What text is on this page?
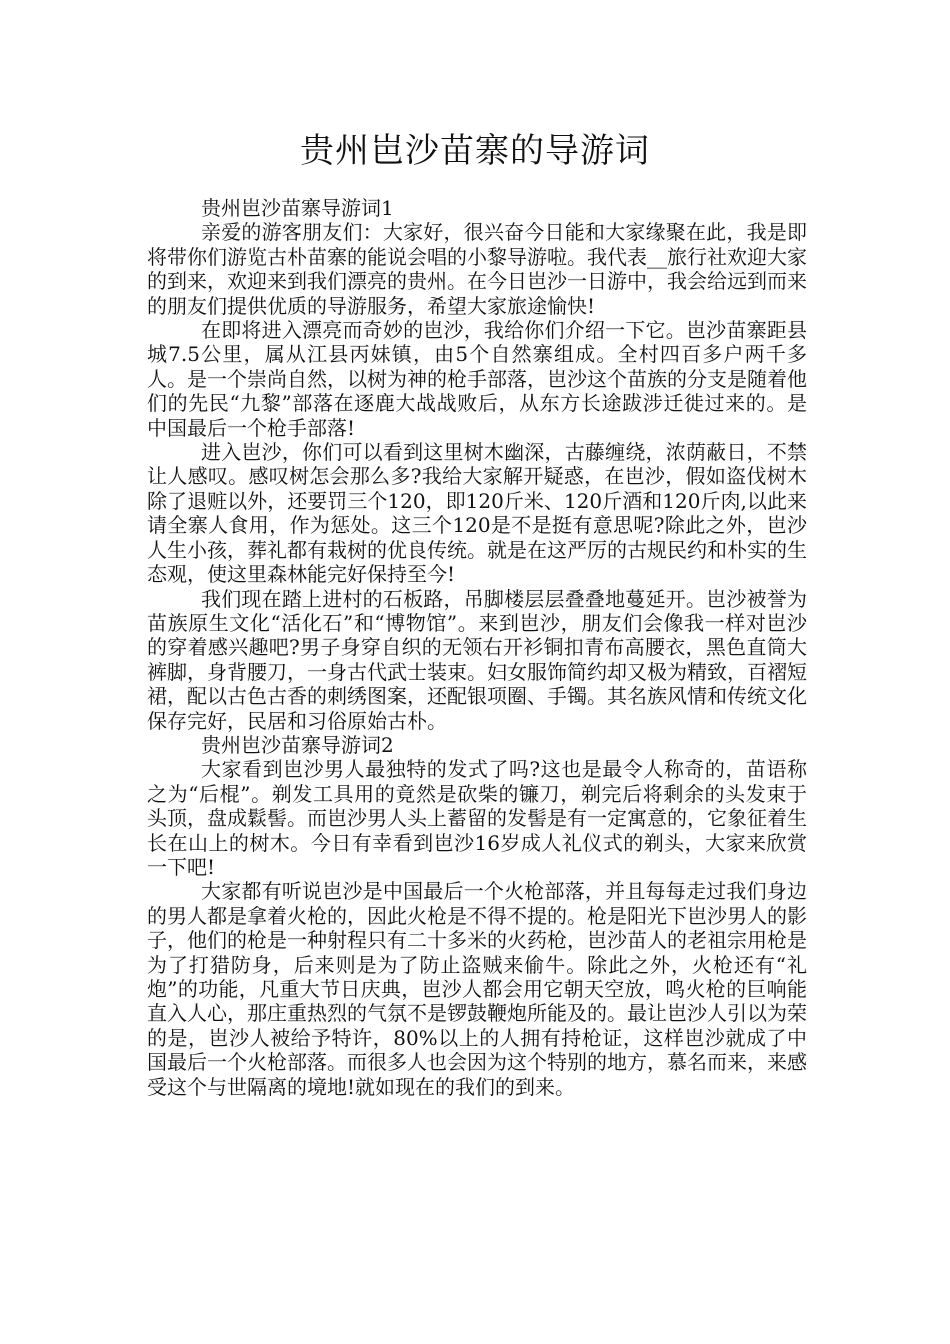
贵州岜沙苗寨的导游词

贵州岜沙苗寨导游词1

亲爱的游客朋友们：大家好，很兴奋今日能和大家缘聚在此，我是即将带你们游览古朴苗寨的能说会唱的小黎导游啦。我代表__旅行社欢迎大家的到来，欢迎来到我们漂亮的贵州。在今日岜沙一日游中，我会给远到而来的朋友们提供优质的导游服务，希望大家旅途愉快!

在即将进入漂亮而奇妙的岜沙，我给你们介绍一下它。岜沙苗寨距县城7.5公里，属从江县丙妹镇，由5个自然寨组成。全村四百多户两千多人。是一个崇尚自然，以树为神的枪手部落，岜沙这个苗族的分支是随着他们的先民“九黎”部落在逐鹿大战战败后，从东方长途跋涉迁徙过来的。是中国最后一个枪手部落!

进入岜沙，你们可以看到这里树木幽深，古藤缠绕，浓荫蔽日，不禁让人感叹。感叹树怎会那么多?我给大家解开疑惑，在岜沙，假如盗伐树木除了退赃以外，还要罚三个120，即120斤米、120斤酒和120斤肉,以此来请全寨人食用，作为惩处。这三个120是不是挺有意思呢?除此之外，岜沙人生小孩，葬礼都有栽树的优良传统。就是在这严厉的古规民约和朴实的生态观，使这里森林能完好保持至今!

我们现在踏上进村的石板路，吊脚楼层层叠叠地蔓延开。岜沙被誉为苗族原生文化“活化石”和“博物馆”。来到岜沙，朋友们会像我一样对岜沙的穿着感兴趣吧?男子身穿自织的无领右开衫铜扣青布高腰衣，黑色直筒大裤脚，身背腰刀，一身古代武士装束。妇女服饰简约却又极为精致，百褶短裙，配以古色古香的刺绣图案，还配银项圈、手镯。其名族风情和传统文化保存完好，民居和习俗原始古朴。

贵州岜沙苗寨导游词2

大家看到岜沙男人最独特的发式了吗?这也是最令人称奇的，苗语称之为“后棍”。剃发工具用的竟然是砍柴的镰刀，剃完后将剩余的头发束于头顶，盘成鬏髻。而岜沙男人头上蓄留的发髻是有一定寓意的，它象征着生长在山上的树木。今日有幸看到岜沙16岁成人礼仪式的剃头，大家来欣赏一下吧!

大家都有听说岜沙是中国最后一个火枪部落，并且每每走过我们身边的男人都是拿着火枪的，因此火枪是不得不提的。枪是阳光下岜沙男人的影子，他们的枪是一种射程只有二十多米的火药枪，岜沙苗人的老祖宗用枪是为了打猎防身，后来则是为了防止盗贼来偷牛。除此之外，火枪还有“礼炮”的功能，凡重大节日庆典，岜沙人都会用它朝天空放，鸣火枪的巨响能直入人心，那庄重热烈的气氛不是锣鼓鞭炮所能及的。最让岜沙人引以为荣的是，岜沙人被给予特许，80%以上的人拥有持枪证，这样岜沙就成了中国最后一个火枪部落。而很多人也会因为这个特别的地方，慕名而来，来感受这个与世隔离的境地!就如现在的我们的到来。
